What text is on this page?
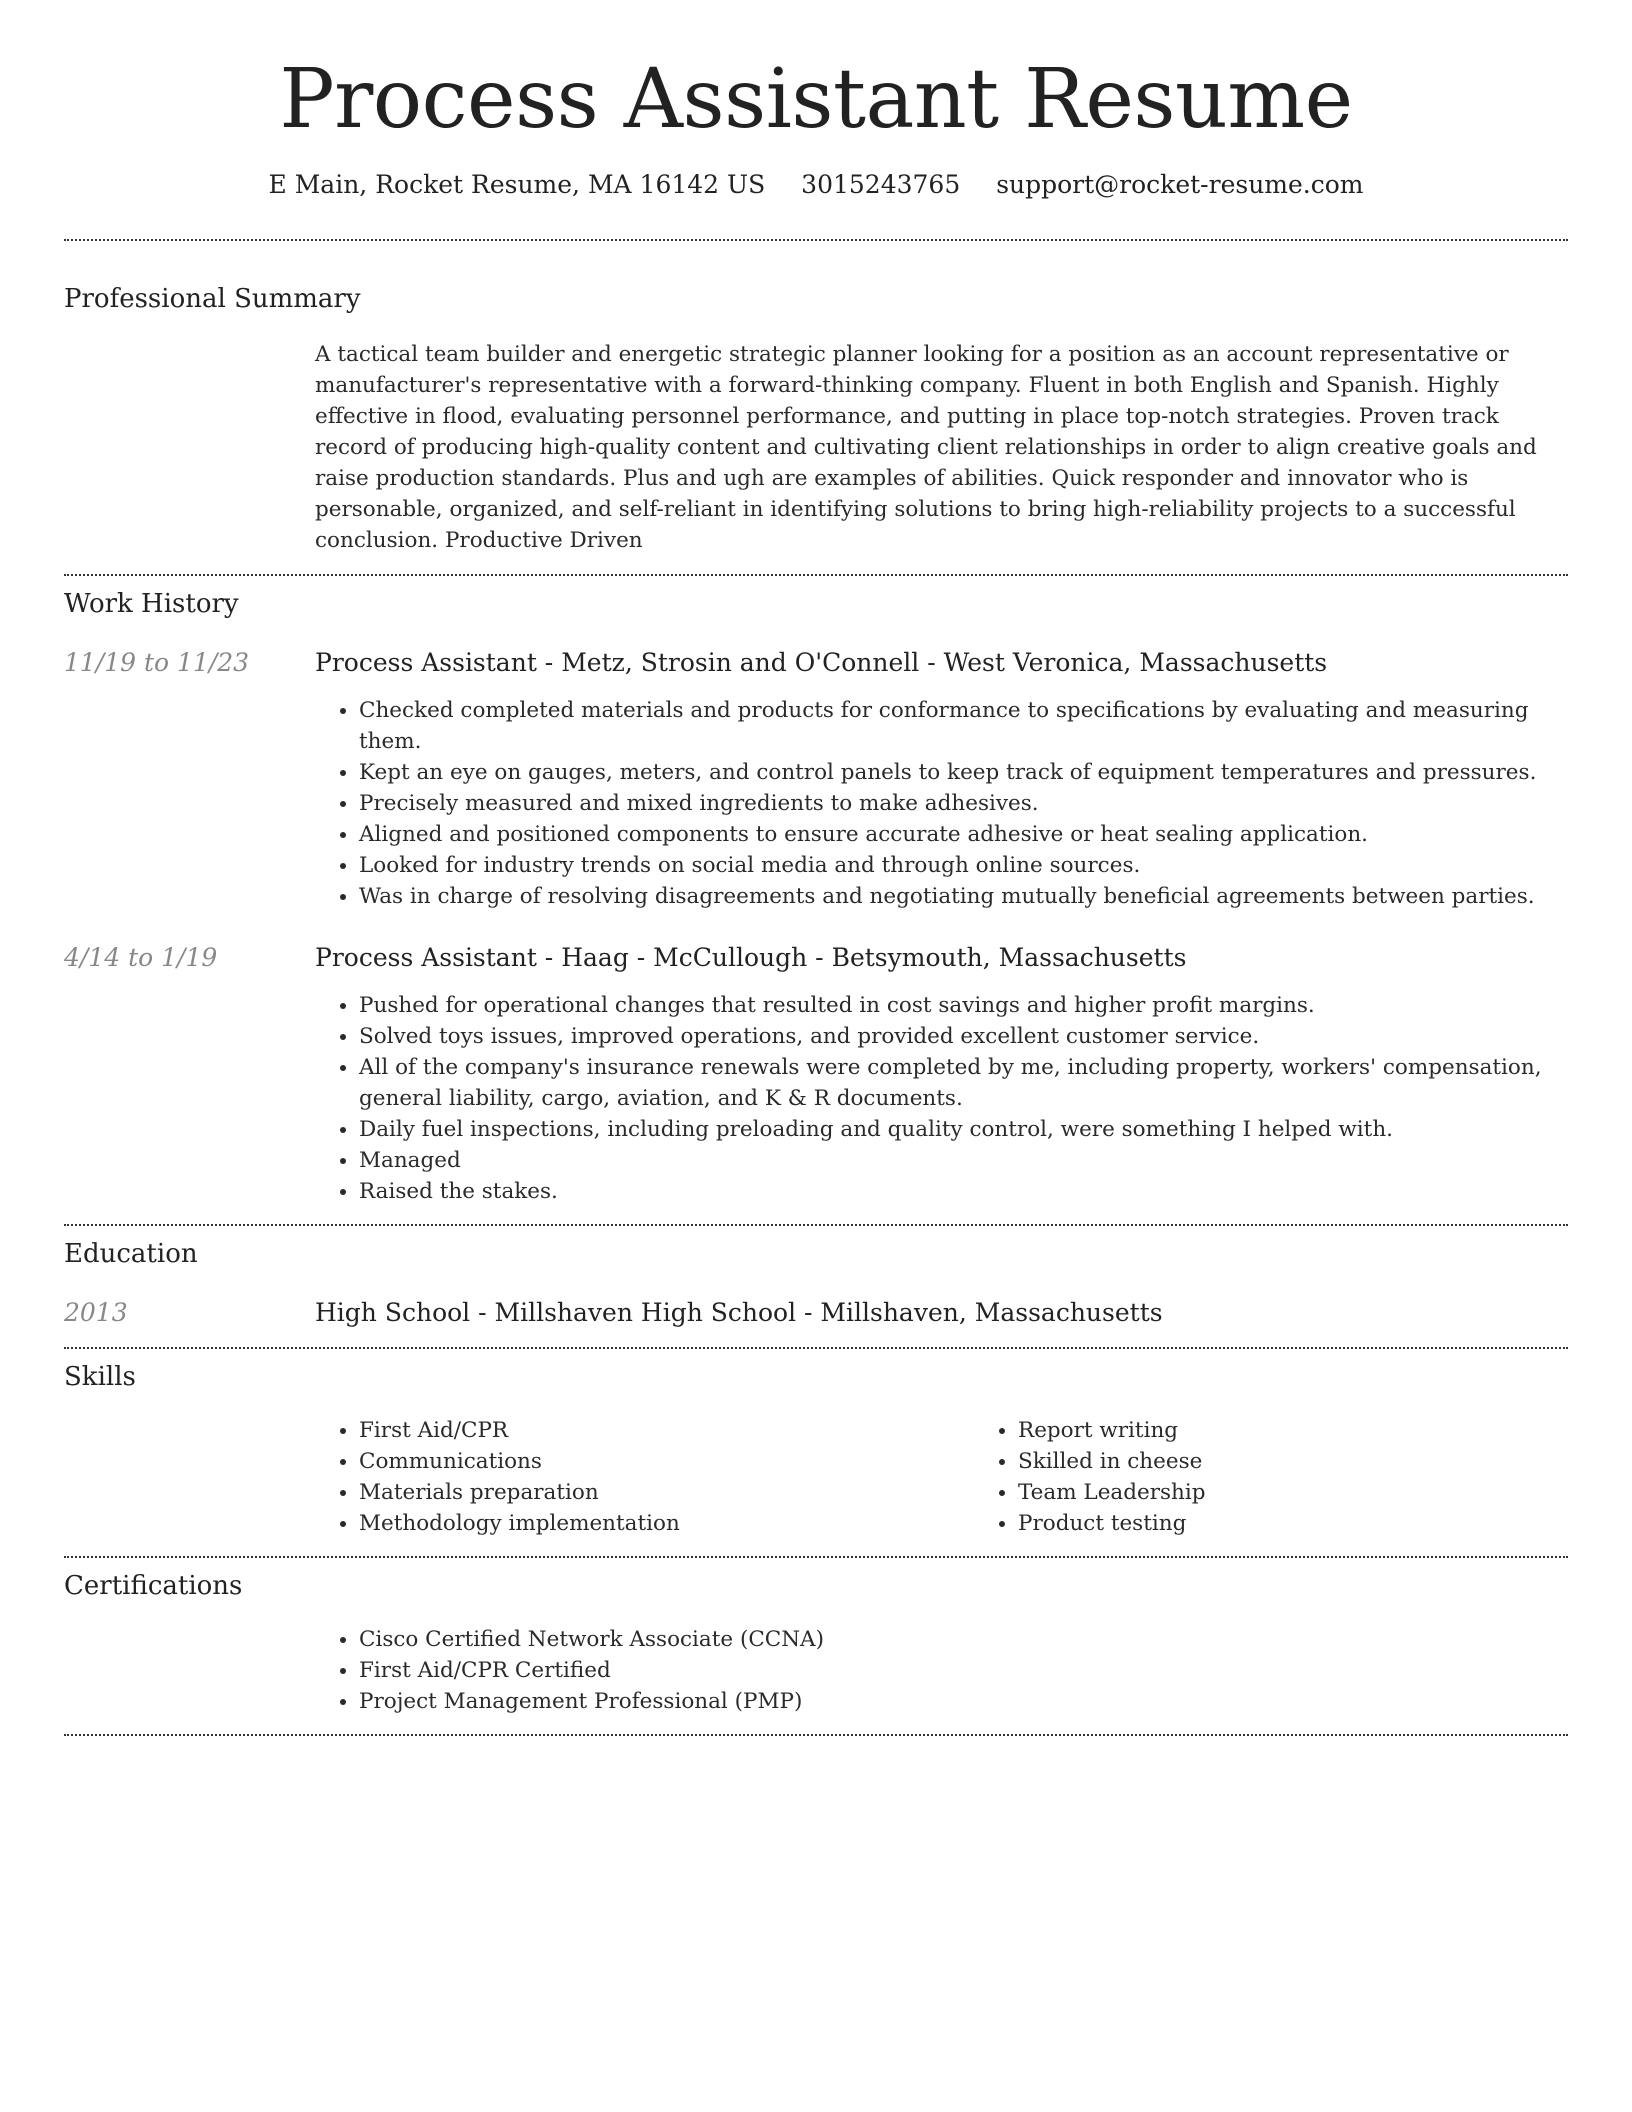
Process Assistant Resume
E Main, Rocket Resume, MA 16142 US 3015243765 support@rocket-resume.com
Professional Summary

A tactical team builder and energetic strategic planner looking for a position as an account representative or manufacturer's representative with a forward-thinking company. Fluent in both English and Spanish. Highly effective in flood, evaluating personnel performance, and putting in place top-notch strategies. Proven track record of producing high-quality content and cultivating client relationships in order to align creative goals and raise production standards. Plus and ugh are examples of abilities. Quick responder and innovator who is personable, organized, and self-reliant in identifying solutions to bring high-reliability projects to a successful conclusion. Productive Driven

Work History
11/19 to 11/23	Process Assistant - Metz, Strosin and O'Connell - West Veronica, Massachusetts
• Checked completed materials and products for conformance to specifications by evaluating and measuring them.
• Kept an eye on gauges, meters, and control panels to keep track of equipment temperatures and pressures.
• Precisely measured and mixed ingredients to make adhesives.
• Aligned and positioned components to ensure accurate adhesive or heat sealing application.
• Looked for industry trends on social media and through online sources.
• Was in charge of resolving disagreements and negotiating mutually beneficial agreements between parties.
4/14 to 1/19	Process Assistant - Haag - McCullough - Betsymouth, Massachusetts
• Pushed for operational changes that resulted in cost savings and higher profit margins.
• Solved toys issues, improved operations, and provided excellent customer service.
• All of the company's insurance renewals were completed by me, including property, workers' compensation, general liability, cargo, aviation, and K & R documents.
• Daily fuel inspections, including preloading and quality control, were something I helped with.
• Managed
• Raised the stakes.
Education
2013	High School - Millshaven High School - Millshaven, Massachusetts
Skills
• First Aid/CPR
• Communications
• Materials preparation
• Methodology implementation
• Report writing
• Skilled in cheese
• Team Leadership
• Product testing
Certifications
• Cisco Certified Network Associate (CCNA)
• First Aid/CPR Certified
• Project Management Professional (PMP)
